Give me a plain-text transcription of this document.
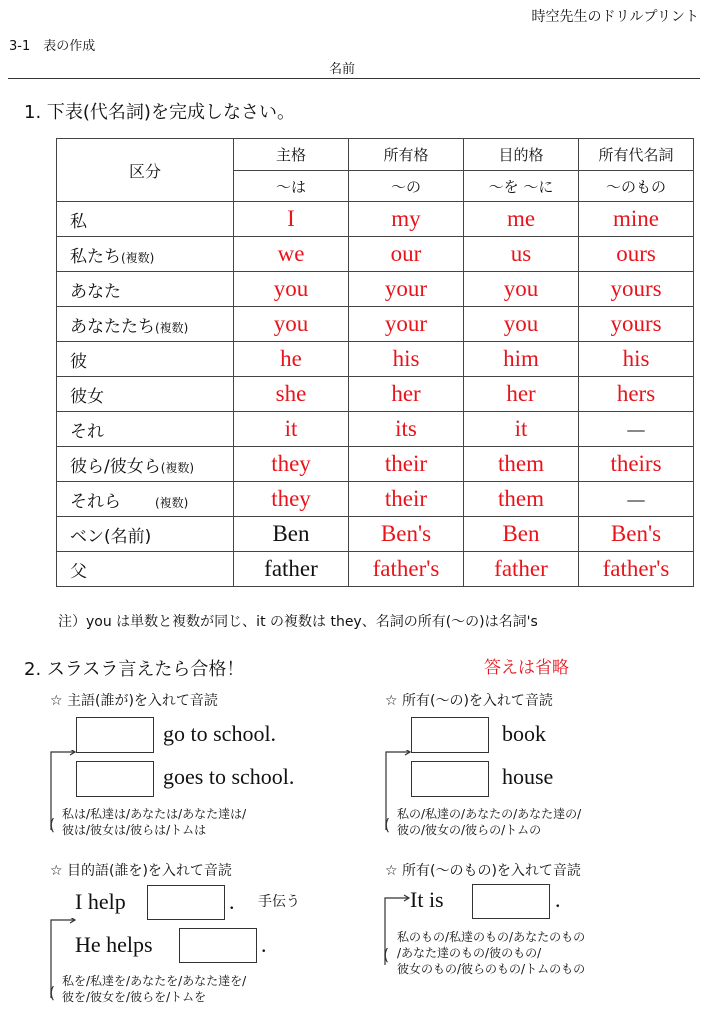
時空先生のドリルプリント
3-1　表の作成
名前
1. 下表(代名詞)を完成しなさい。
区分	主格	所有格	目的格	所有代名詞
	～は	～の	～を ～に	～のもの
私	I	my	me	mine
私たち(複数)	we	our	us	ours
あなた	you	your	you	yours
あなたたち(複数)	you	your	you	yours
彼	he	his	him	his
彼女	she	her	her	hers
それ	it	its	it	－
彼ら/彼女ら(複数)	they	their	them	theirs
それら　　(複数)	they	their	them	－
ベン(名前)	Ben	Ben's	Ben	Ben's
父	father	father's	father	father's
注）you は単数と複数が同じ、it の複数は they、名詞の所有(～の)は名詞's
2. スラスラ言えたら合格！	答えは省略
☆ 主語(誰が)を入れて音読
go to school.
goes to school.
(
私は/私達は/あなたは/あなた達は/
彼は/彼女は/彼らは/トムは
☆ 所有(～の)を入れて音読
book
house
(
私の/私達の/あなたの/あなた達の/
彼の/彼女の/彼らの/トムの
☆ 目的語(誰を)を入れて音読
I help	. 手伝う
He helps	.
(
私を/私達を/あなたを/あなた達を/
彼を/彼女を/彼らを/トムを
☆ 所有(～のもの)を入れて音読
(
It is	.
私のもの/私達のもの/あなたのもの
/あなた達のもの/彼のもの/
彼女のもの/彼らのもの/トムのもの
